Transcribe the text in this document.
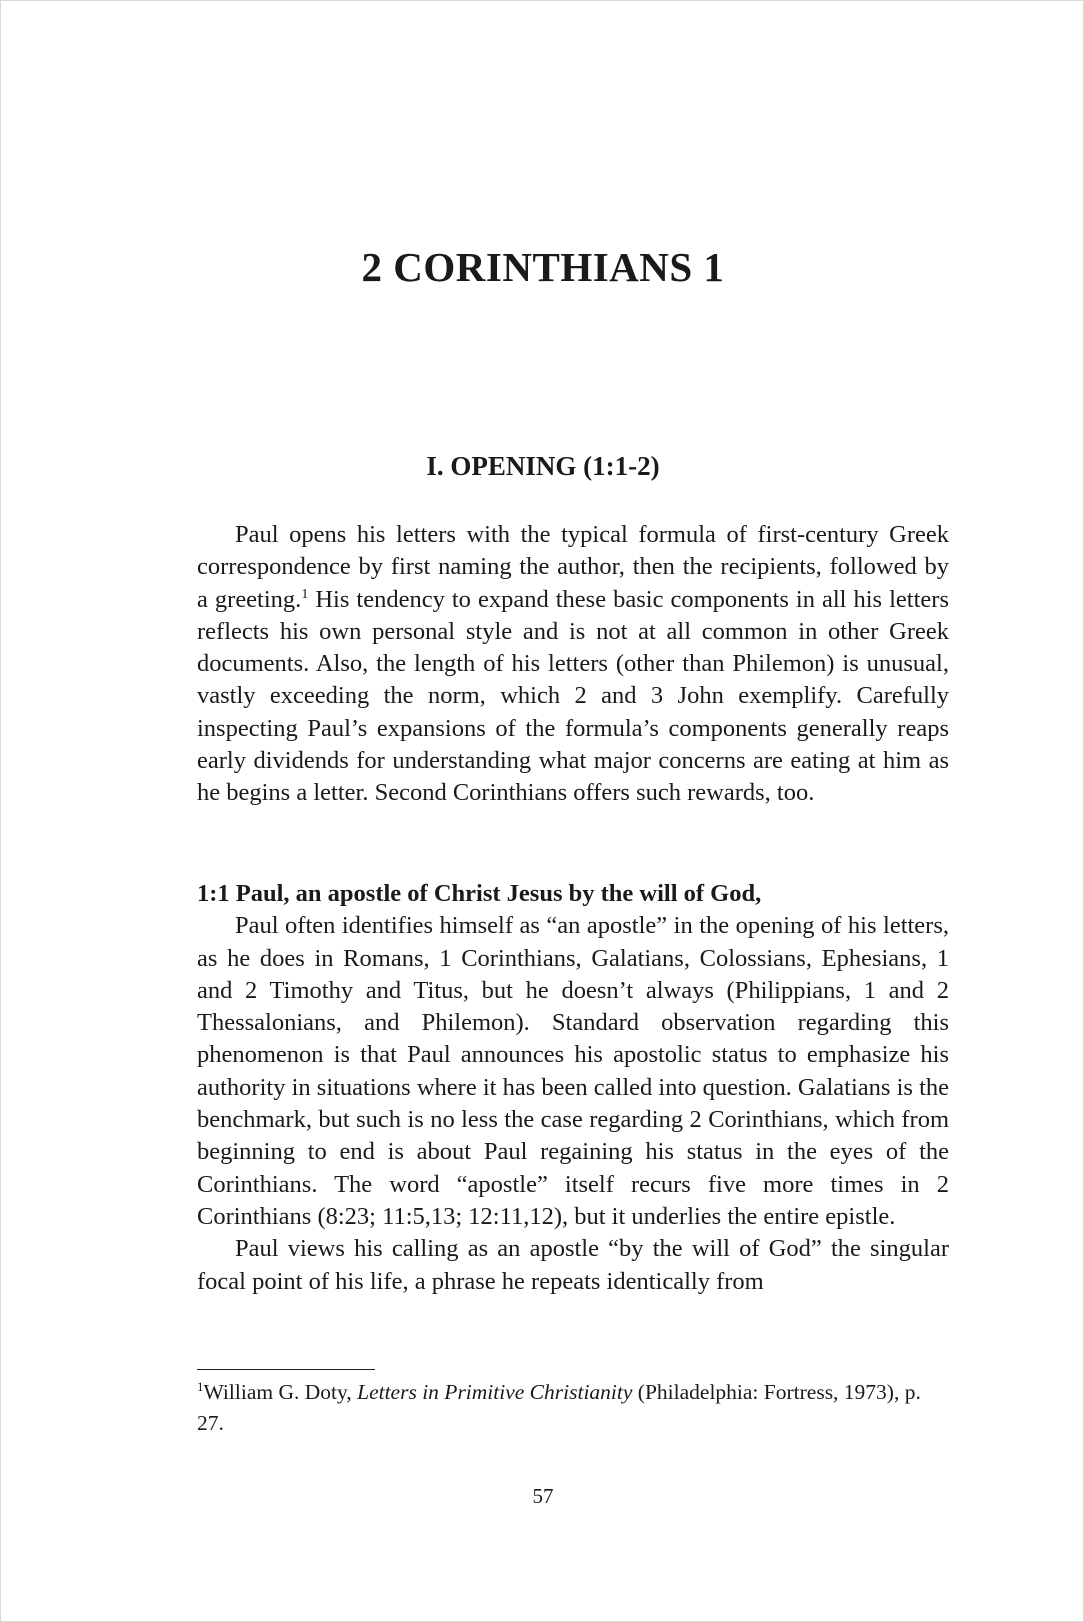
2 CORINTHIANS 1
I. OPENING (1:1-2)

Paul opens his letters with the typical formula of first-century Greek correspondence by first naming the author, then the recipients, followed by a greeting.$^1$ His tendency to expand these basic components in all his letters reflects his own personal style and is not at all common in other Greek documents. Also, the length of his letters (other than Philemon) is unusual, vastly exceeding the norm, which 2 and 3 John exemplify. Carefully inspecting Paul’s expansions of the formula’s components generally reaps early dividends for understanding what major concerns are eating at him as he begins a letter. Second Corinthians offers such rewards, too.

1:1 Paul, an apostle of Christ Jesus by the will of God,

Paul often identifies himself as “an apostle” in the opening of his letters, as he does in Romans, 1 Corinthians, Galatians, Colossians, Ephesians, 1 and 2 Timothy and Titus, but he doesn’t always (Philippians, 1 and 2 Thessalonians, and Philemon). Standard observation regarding this phenomenon is that Paul announces his apostolic status to emphasize his authority in situations where it has been called into question. Galatians is the benchmark, but such is no less the case regarding 2 Corinthians, which from beginning to end is about Paul regaining his status in the eyes of the Corinthians. The word “apostle” itself recurs five more times in 2 Corinthians (8:23; 11:5,13; 12:11,12), but it underlies the entire epistle.

Paul views his calling as an apostle “by the will of God” the singular focal point of his life, a phrase he repeats identically from

$^1$William G. Doty, Letters in Primitive Christianity (Philadelphia: Fortress, 1973), p. 27.
57
